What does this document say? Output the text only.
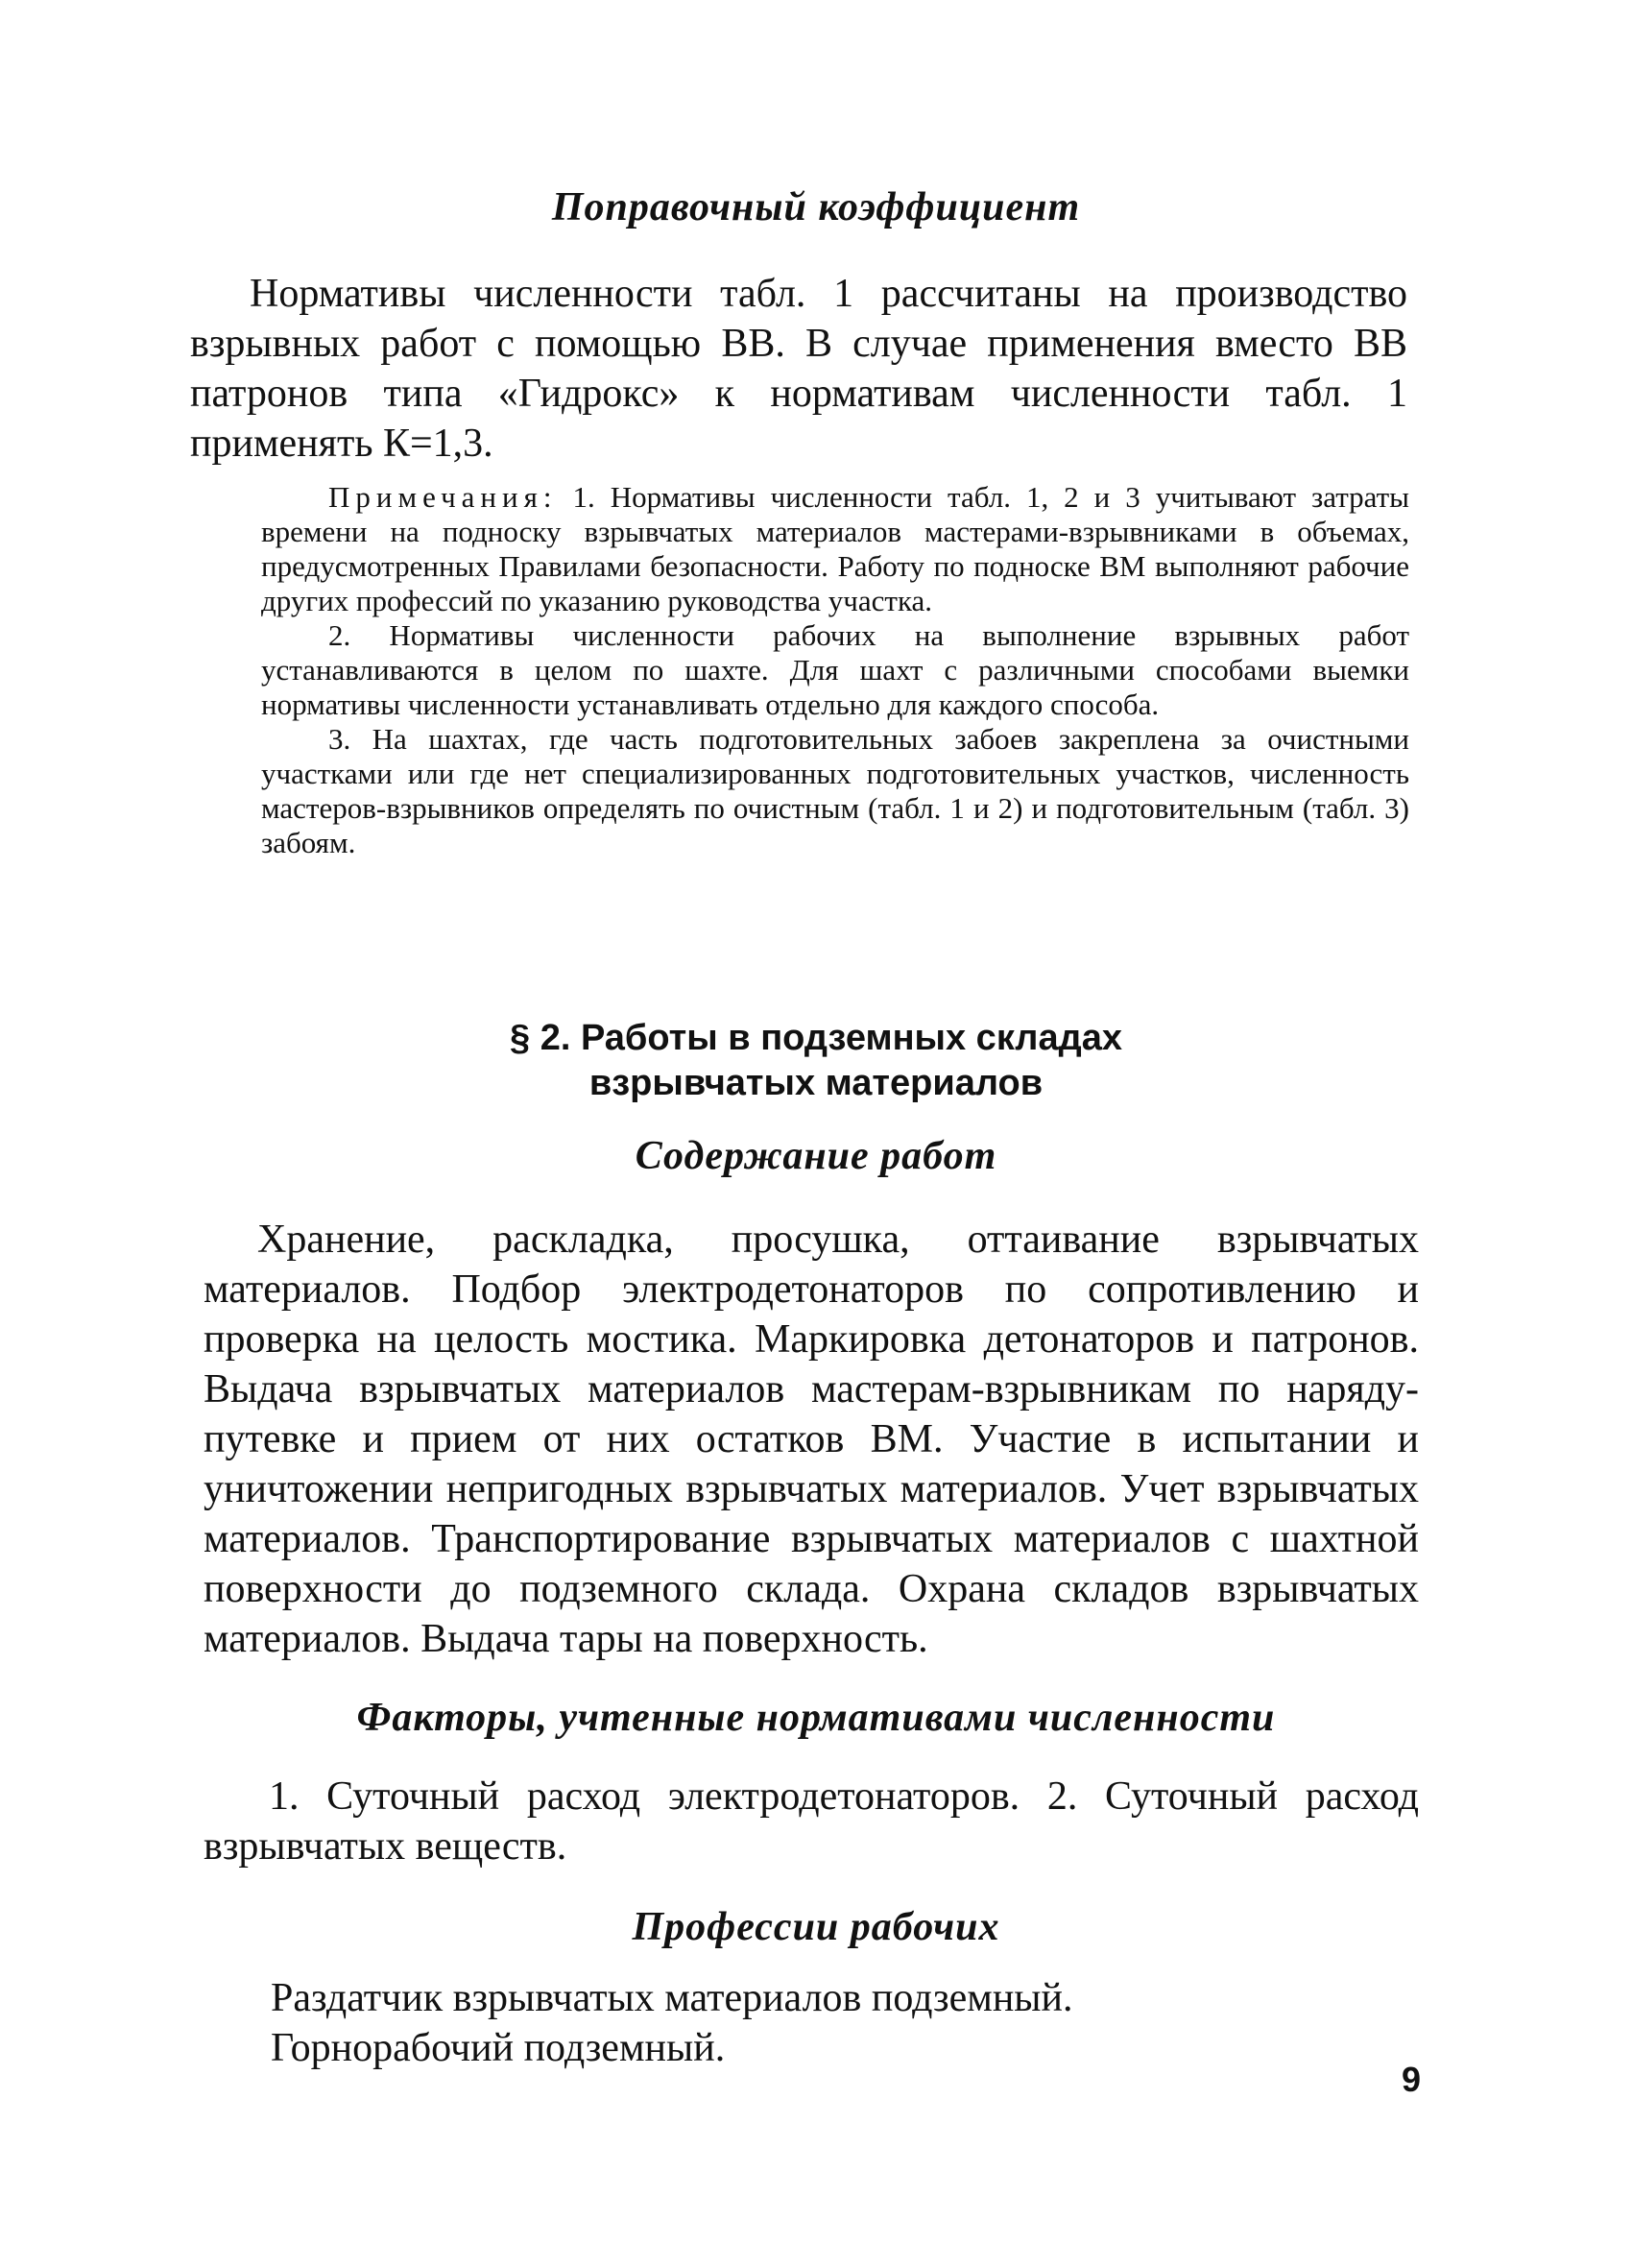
Поправочный коэффициент

Нормативы численности табл. 1 рассчитаны на производство взрывных работ с помощью ВВ. В случае применения вместо ВВ патронов типа «Гидрокс» к нормативам численности табл. 1 применять К=1,3.

Примечания: 1. Нормативы численности табл. 1, 2 и 3 учитывают затраты времени на подноску взрывчатых материалов мастерами-взрывниками в объемах, предусмотренных Правилами безопасности. Работу по подноске ВМ выполняют рабочие других профессий по указанию руководства участка.

2. Нормативы численности рабочих на выполнение взрывных работ устанавливаются в целом по шахте. Для шахт с различными способами выемки нормативы численности устанавливать отдельно для каждого способа.

3. На шахтах, где часть подготовительных забоев закреплена за очистными участками или где нет специализированных подготовительных участков, численность мастеров-взрывников определять по очистным (табл. 1 и 2) и подготовительным (табл. 3) забоям.

§ 2. Работы в подземных складах
взрывчатых материалов
Содержание работ

Хранение, раскладка, просушка, оттаивание взрывчатых материалов. Подбор электродетонаторов по сопротивлению и проверка на целость мостика. Маркировка детонаторов и патронов. Выдача взрывчатых материалов мастерам-взрывникам по наряду-путевке и прием от них остатков ВМ. Участие в испытании и уничтожении непригодных взрывчатых материалов. Учет взрывчатых материалов. Транспортирование взрывчатых материалов с шахтной поверхности до подземного склада. Охрана складов взрывчатых материалов. Выдача тары на поверхность.

Факторы, учтенные нормативами численности

1. Суточный расход электродетонаторов. 2. Суточный расход взрывчатых веществ.

Профессии рабочих
Раздатчик взрывчатых материалов подземный.
Горнорабочий подземный.

9
